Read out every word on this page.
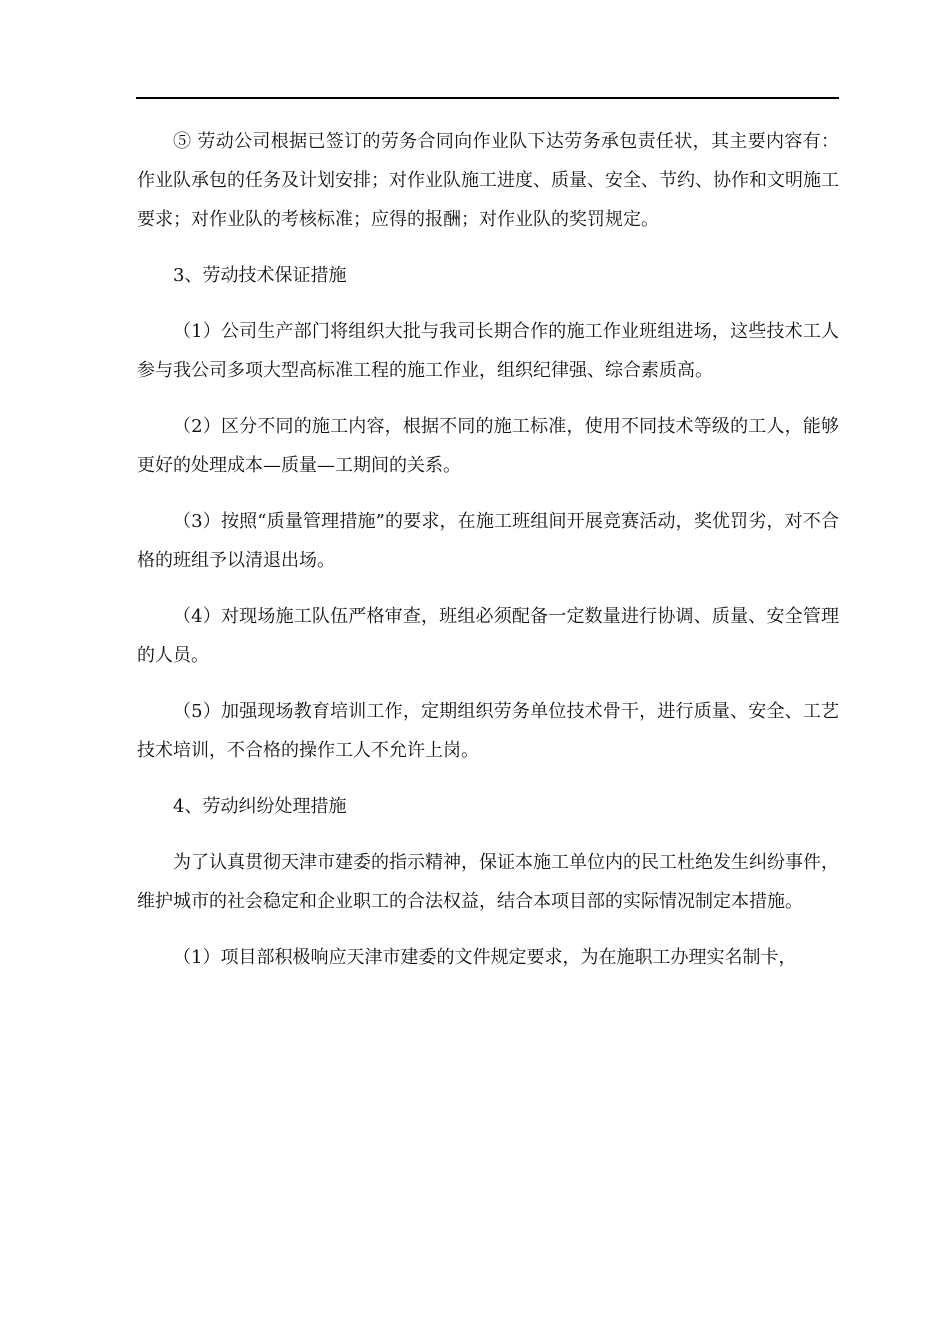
⑤ 劳动公司根据已签订的劳务合同向作业队下达劳务承包责任状，其主要内容有：作业队承包的任务及计划安排；对作业队施工进度、质量、安全、节约、协作和文明施工要求；对作业队的考核标准；应得的报酬；对作业队的奖罚规定。

3、劳动技术保证措施

（1）公司生产部门将组织大批与我司长期合作的施工作业班组进场，这些技术工人参与我公司多项大型高标准工程的施工作业，组织纪律强、综合素质高。

（2）区分不同的施工内容，根据不同的施工标准，使用不同技术等级的工人，能够更好的处理成本—质量—工期间的关系。

（3）按照“质量管理措施”的要求，在施工班组间开展竞赛活动，奖优罚劣，对不合格的班组予以清退出场。

（4）对现场施工队伍严格审查，班组必须配备一定数量进行协调、质量、安全管理的人员。

（5）加强现场教育培训工作，定期组织劳务单位技术骨干，进行质量、安全、工艺技术培训，不合格的操作工人不允许上岗。

4、劳动纠纷处理措施

为了认真贯彻天津市建委的指示精神，保证本施工单位内的民工杜绝发生纠纷事件，维护城市的社会稳定和企业职工的合法权益，结合本项目部的实际情况制定本措施。

（1）项目部积极响应天津市建委的文件规定要求，为在施职工办理实名制卡，
